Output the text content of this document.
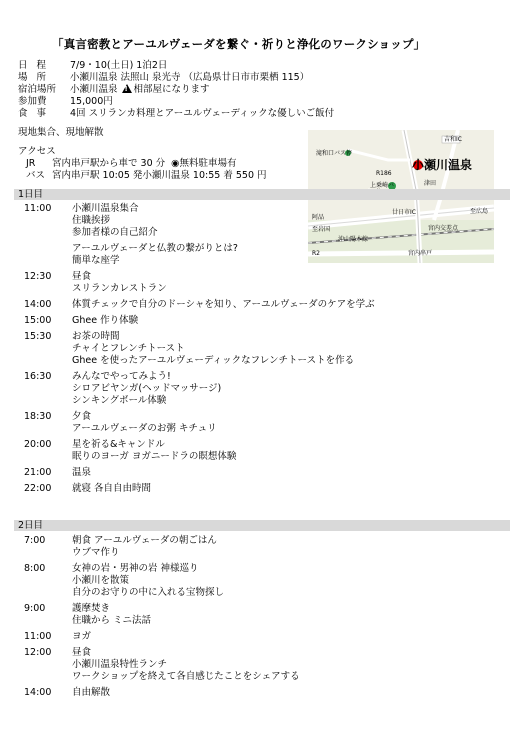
「真言密教とアーユルヴェーダを繋ぐ・祈りと浄化のワークショップ」
日程	7/9・10(土日) 1泊2日
場所	小瀬川温泉 法照山 泉光寺 （広島県廿日市市栗栖 115）
宿泊場所	小瀬川温泉
! 相部屋になります
参加費	15,000円
食事	4回 スリランカ料理とアーユルヴェーディックな優しいご飯付
現地集合、現地解散
アクセス
JR	宮内串戸駅から車で 30 分 ◉ 無料駐車場有
バス 宮内串戸駅 10:05 発小瀬川温泉 10:55 着 550 円
滝和口バス停
上乗崎バ	津田
宮内交差点
宮内串戸
沖山陽本線
廿日市IC
吉和IC
阿品
至岩国
至広島
R2
R186
小瀬川温泉
1日目
11:00	小瀬川温泉集合
住職挨拶
参加者様の自己紹介
アーユルヴェーダと仏教の繋がりとは?
簡単な座学
12:30	昼食
スリランカレストラン
14:00	体質チェックで自分のドーシャを知り、アーユルヴェーダのケアを学ぶ
15:00	Ghee 作り体験
15:30	お茶の時間
チャイとフレンチトースト
Ghee を使ったアーユルヴェーディックなフレンチトーストを作る
16:30	みんなでやってみよう!
シロアビヤンガ(ヘッドマッサージ)
シンキングボール体験
18:30	夕食
アーユルヴェーダのお粥 キチュリ
20:00	星を祈る&キャンドル
眠りのヨーガ ヨガニードラの瞑想体験
21:00	温泉
22:00	就寝 各自自由時間
2日目
7:00	朝食 アーユルヴェーダの朝ごはん
ウブマ作り
8:00	女神の岩・男神の岩 神様巡り
小瀬川を散策
自分のお守りの中に入れる宝物探し
9:00	護摩焚き
住職から ミニ法話
11:00	ヨガ
12:00	昼食
小瀬川温泉特性ランチ
ワークショップを終えて各自感じたことをシェアする
14:00	自由解散
